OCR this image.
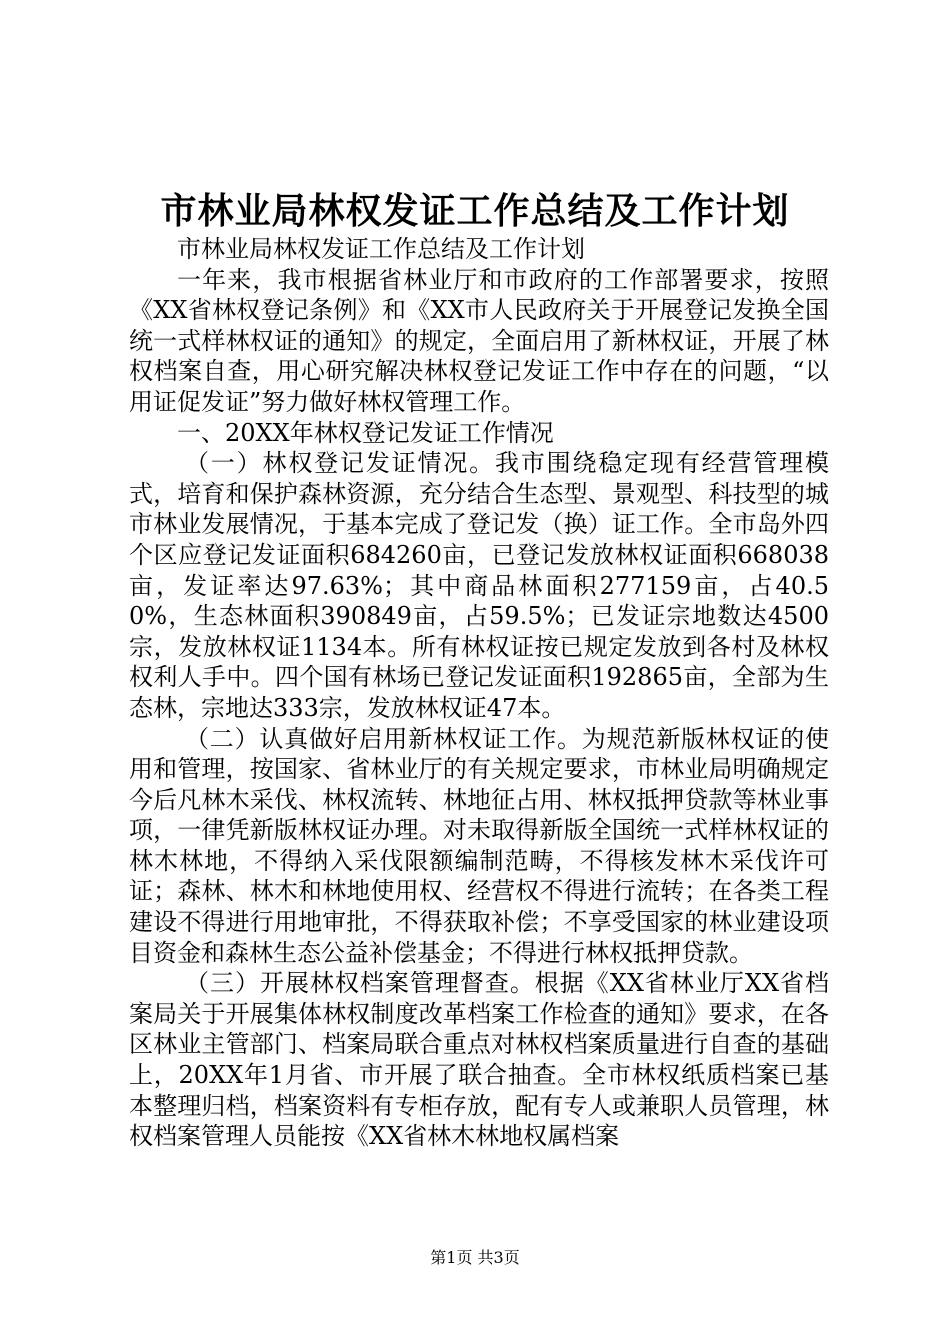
市林业局林权发证工作总结及工作计划

市林业局林权发证工作总结及工作计划

一年来，我市根据省林业厅和市政府的工作部署要求，按照《XX省林权登记条例》和《XX市人民政府关于开展登记发换全国统一式样林权证的通知》的规定，全面启用了新林权证，开展了林权档案自查，用心研究解决林权登记发证工作中存在的问题，“以用证促发证”努力做好林权管理工作。

一、20XX年林权登记发证工作情况

（一）林权登记发证情况。我市围绕稳定现有经营管理模式，培育和保护森林资源，充分结合生态型、景观型、科技型的城市林业发展情况，于基本完成了登记发（换）证工作。全市岛外四个区应登记发证面积684260亩，已登记发放林权证面积668038亩，发证率达97.63%；其中商品林面积277159亩，占40.50%，生态林面积390849亩，占59.5%；已发证宗地数达4500宗，发放林权证1134本。所有林权证按已规定发放到各村及林权权利人手中。四个国有林场已登记发证面积192865亩，全部为生态林，宗地达333宗，发放林权证47本。

（二）认真做好启用新林权证工作。为规范新版林权证的使用和管理，按国家、省林业厅的有关规定要求，市林业局明确规定今后凡林木采伐、林权流转、林地征占用、林权抵押贷款等林业事项，一律凭新版林权证办理。对未取得新版全国统一式样林权证的林木林地，不得纳入采伐限额编制范畴，不得核发林木采伐许可证；森林、林木和林地使用权、经营权不得进行流转；在各类工程建设不得进行用地审批，不得获取补偿；不享受国家的林业建设项目资金和森林生态公益补偿基金；不得进行林权抵押贷款。

（三）开展林权档案管理督查。根据《XX省林业厅XX省档案局关于开展集体林权制度改革档案工作检查的通知》要求，在各区林业主管部门、档案局联合重点对林权档案质量进行自查的基础上，20XX年1月省、市开展了联合抽查。全市林权纸质档案已基本整理归档，档案资料有专柜存放，配有专人或兼职人员管理，林权档案管理人员能按《XX省林木林地权属档案

第1页 共3页
